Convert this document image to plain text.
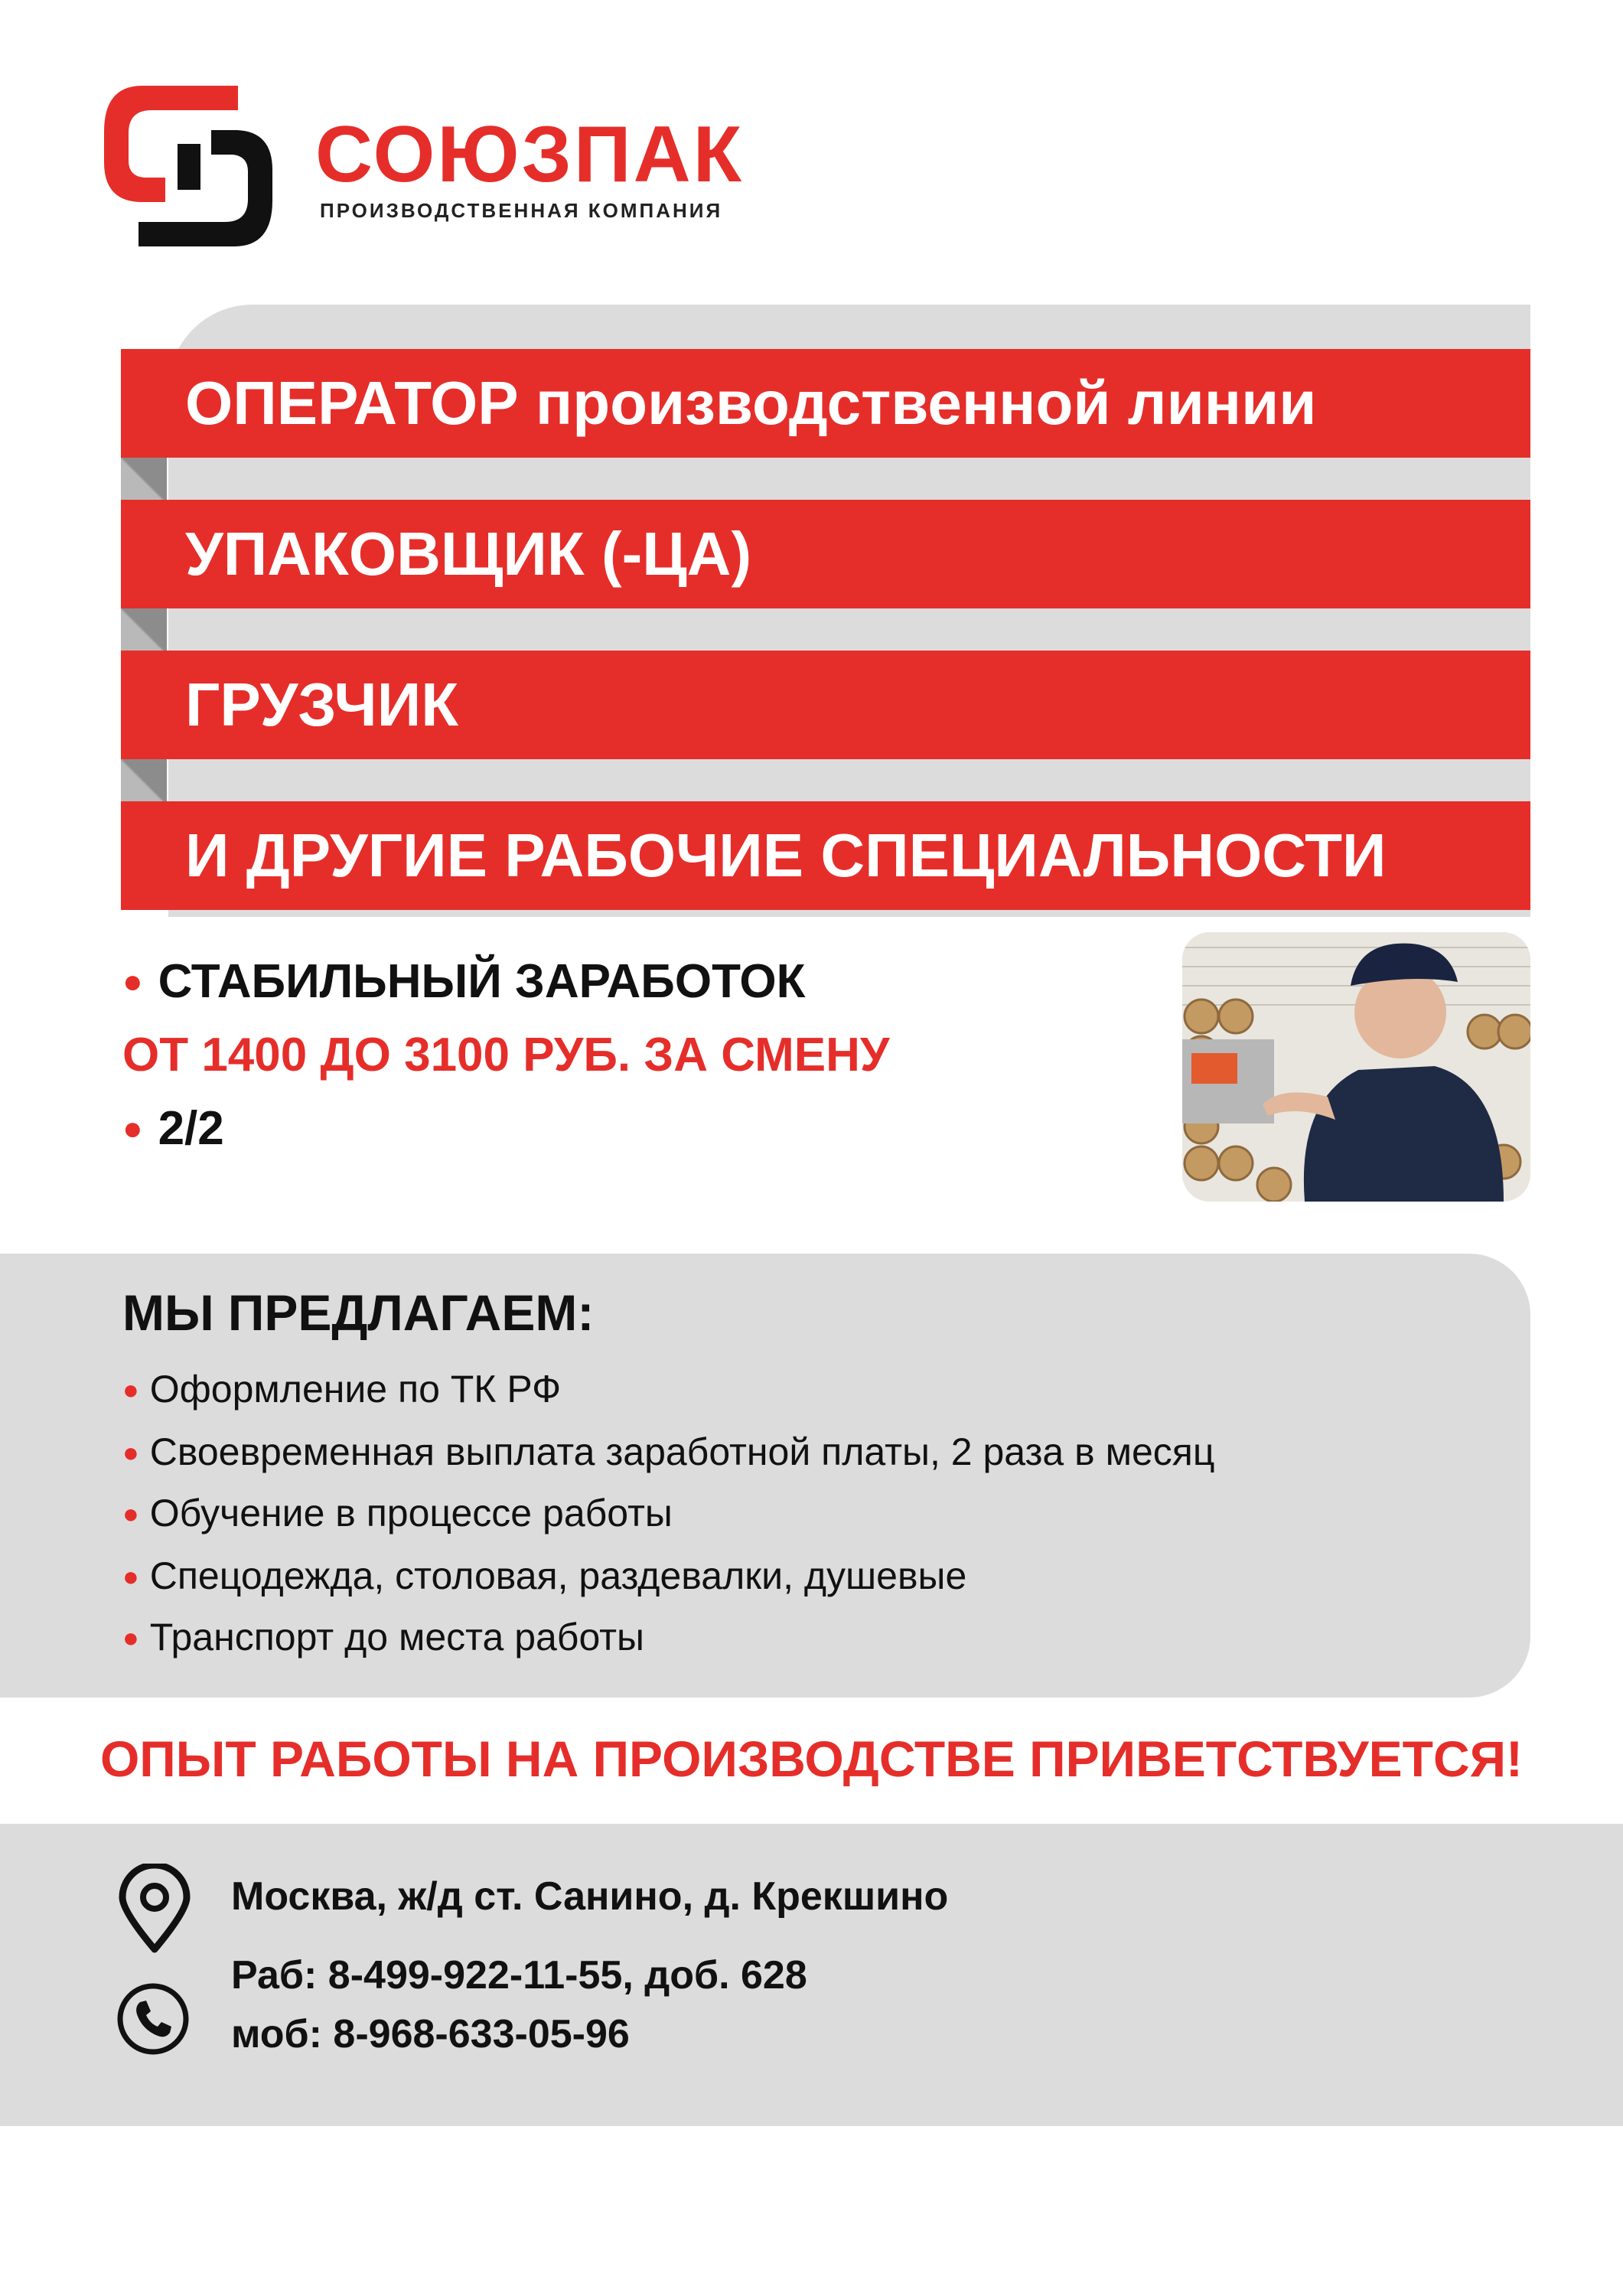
СОЮЗПАК
ПРОИЗВОДСТВЕННАЯ КОМПАНИЯ
ОПЕРАТОР производственной линии
УПАКОВЩИК (-ЦА)
ГРУЗЧИК
И ДРУГИЕ РАБОЧИЕ СПЕЦИАЛЬНОСТИ
● СТАБИЛЬНЫЙ ЗАРАБОТОК
ОТ 1400 ДО 3100 РУБ. ЗА СМЕНУ
● 2/2
МЫ ПРЕДЛАГАЕМ:
● Оформление по ТК РФ
● Своевременная выплата заработной платы, 2 раза в месяц
● Обучение в процессе работы
● Спецодежда, столовая, раздевалки, душевые
● Транспорт до места работы
ОПЫТ РАБОТЫ НА ПРОИЗВОДСТВЕ ПРИВЕТСТВУЕТСЯ!
Москва, ж/д ст. Санино, д. Крекшино
Раб: 8-499-922-11-55, доб. 628
моб: 8-968-633-05-96
